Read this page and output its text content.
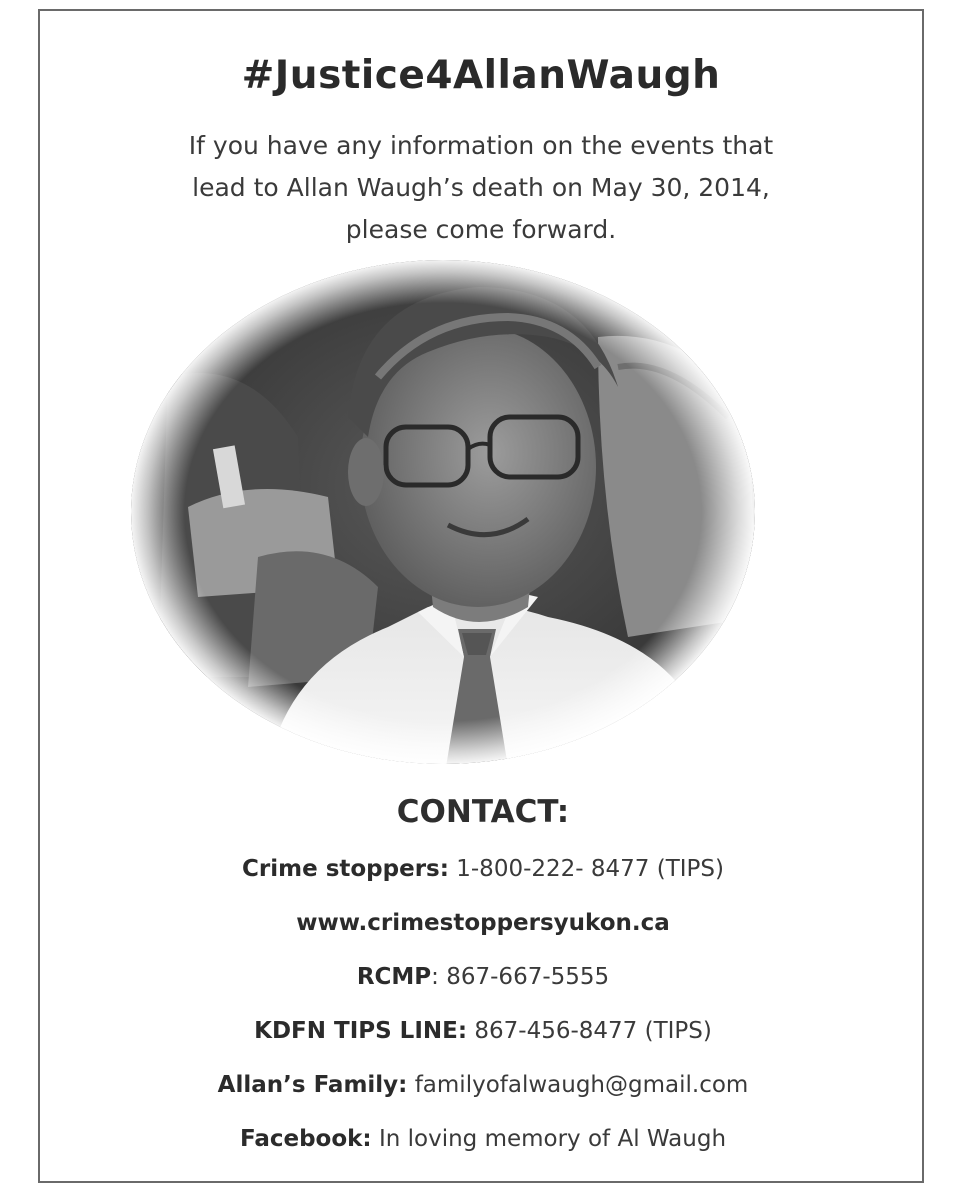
#Justice4AllanWaugh
If you have any information on the events that
lead to Allan Waugh’s death on May 30, 2014,
please come forward.
CONTACT:
Crime stoppers: 1-800-222- 8477 (TIPS)
www.crimestoppersyukon.ca
RCMP: 867-667-5555
KDFN TIPS LINE: 867-456-8477 (TIPS)
Allan’s Family: familyofalwaugh@gmail.com
Facebook: In loving memory of Al Waugh
